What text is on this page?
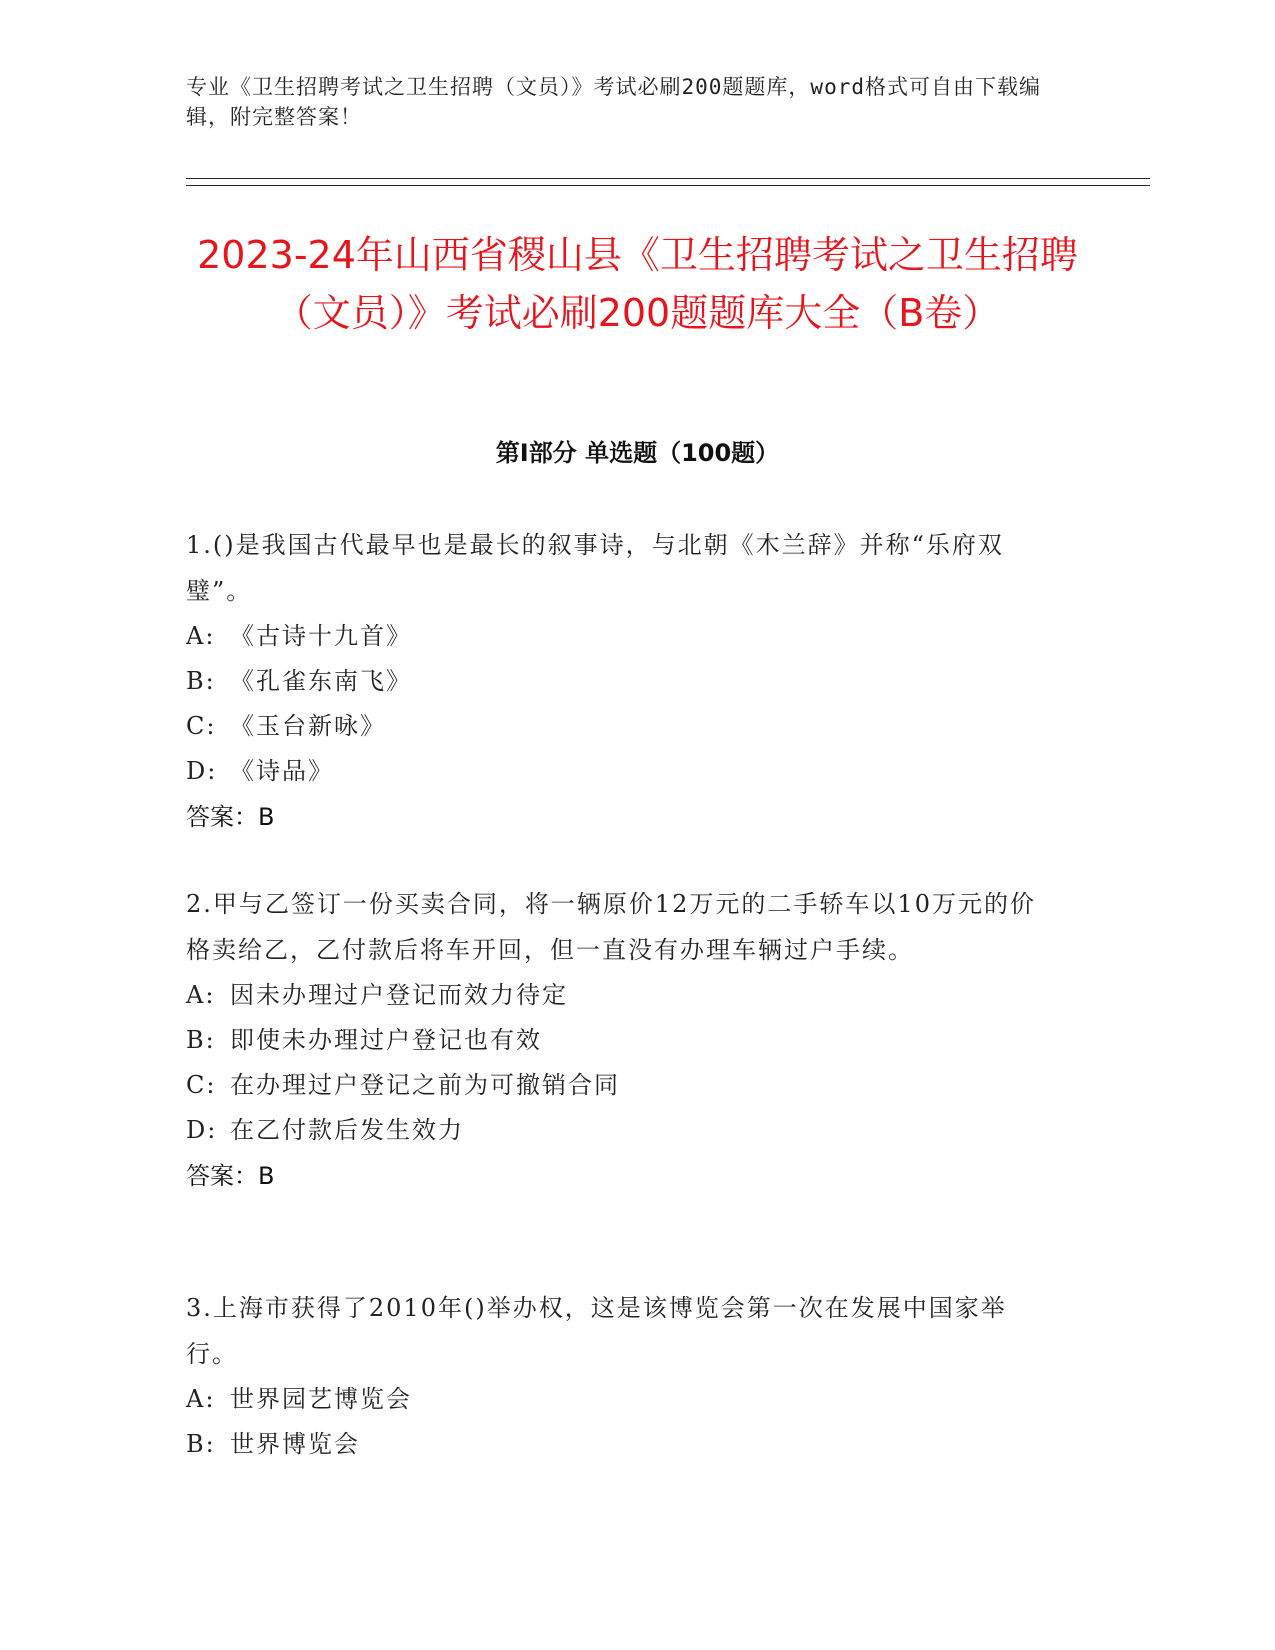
专业《卫生招聘考试之卫生招聘（文员）》考试必刷200题题库，word格式可自由下载编辑，附完整答案！
2023-24年山西省稷山县《卫生招聘考试之卫生招聘（文员）》考试必刷200题题库大全（B卷）
第I部分 单选题（100题）

1.()是我国古代最早也是最长的叙事诗，与北朝《木兰辞》并称“乐府双璧”。

A: 《古诗十九首》

B: 《孔雀东南飞》

C: 《玉台新咏》

D: 《诗品》

答案：B

2.甲与乙签订一份买卖合同，将一辆原价12万元的二手轿车以10万元的价格卖给乙，乙付款后将车开回，但一直没有办理车辆过户手续。

A: 因未办理过户登记而效力待定

B: 即使未办理过户登记也有效

C: 在办理过户登记之前为可撤销合同

D: 在乙付款后发生效力

答案：B

3.上海市获得了2010年()举办权，这是该博览会第一次在发展中国家举行。

A: 世界园艺博览会

B: 世界博览会
